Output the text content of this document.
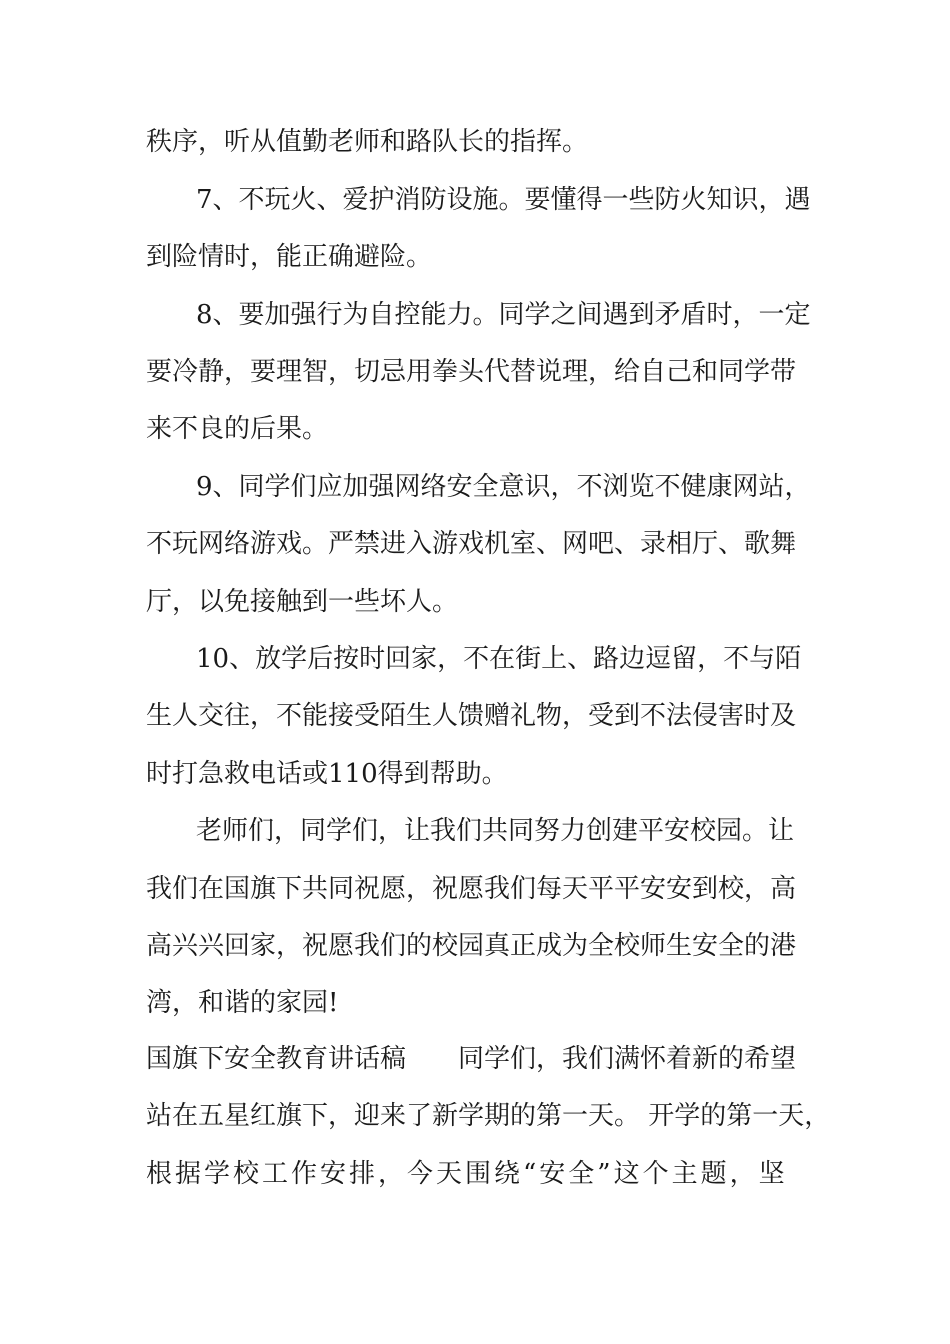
秩序，听从值勤老师和路队长的指挥。

7、不玩火、爱护消防设施。要懂得一些防火知识，遇

到险情时，能正确避险。

8、要加强行为自控能力。同学之间遇到矛盾时，一定

要冷静，要理智，切忌用拳头代替说理，给自己和同学带

来不良的后果。

9、同学们应加强网络安全意识，不浏览不健康网站，

不玩网络游戏。严禁进入游戏机室、网吧、录相厅、歌舞

厅，以免接触到一些坏人。

10、放学后按时回家，不在街上、路边逗留，不与陌

生人交往，不能接受陌生人馈赠礼物，受到不法侵害时及

时打急救电话或110得到帮助。

老师们，同学们，让我们共同努力创建平安校园。让

我们在国旗下共同祝愿，祝愿我们每天平平安安到校，高

高兴兴回家，祝愿我们的校园真正成为全校师生安全的港

湾，和谐的家园!

国旗下安全教育讲话稿　　同学们，我们满怀着新的希望

站在五星红旗下，迎来了新学期的第一天。 开学的第一天，

根据学校工作安排，今天围绕“安全”这个主题，坚
